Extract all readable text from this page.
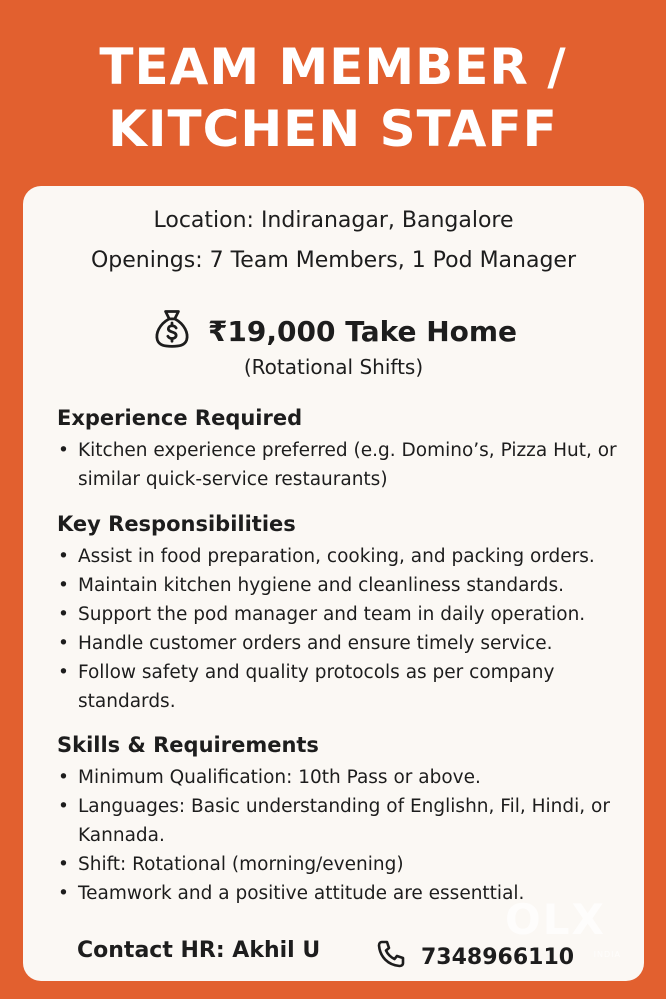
TEAM MEMBER /
KITCHEN STAFF
Location: Indiranagar, Bangalore
Openings: 7 Team Members, 1 Pod Manager
₹19,000 Take Home
(Rotational Shifts)
Experience Required
• Kitchen experience preferred (e.g. Domino’s, Pizza Hut, or similar quick-service restaurants)
Key Responsibilities
• Assist in food preparation, cooking, and packing orders.
• Maintain kitchen hygiene and cleanliness standards.
• Support the pod manager and team in daily operation.
• Handle customer orders and ensure timely service.
• Follow safety and quality protocols as per company standards.
Skills & Requirements
• Minimum Qualification: 10th Pass or above.
• Languages: Basic understanding of Englishn, Fil, Hindi, or Kannada.
• Shift: Rotational (morning/evening)
• Teamwork and a positive attitude are essenttial.
Contact HR: Akhil U	7348966110
OLX
INDIA
